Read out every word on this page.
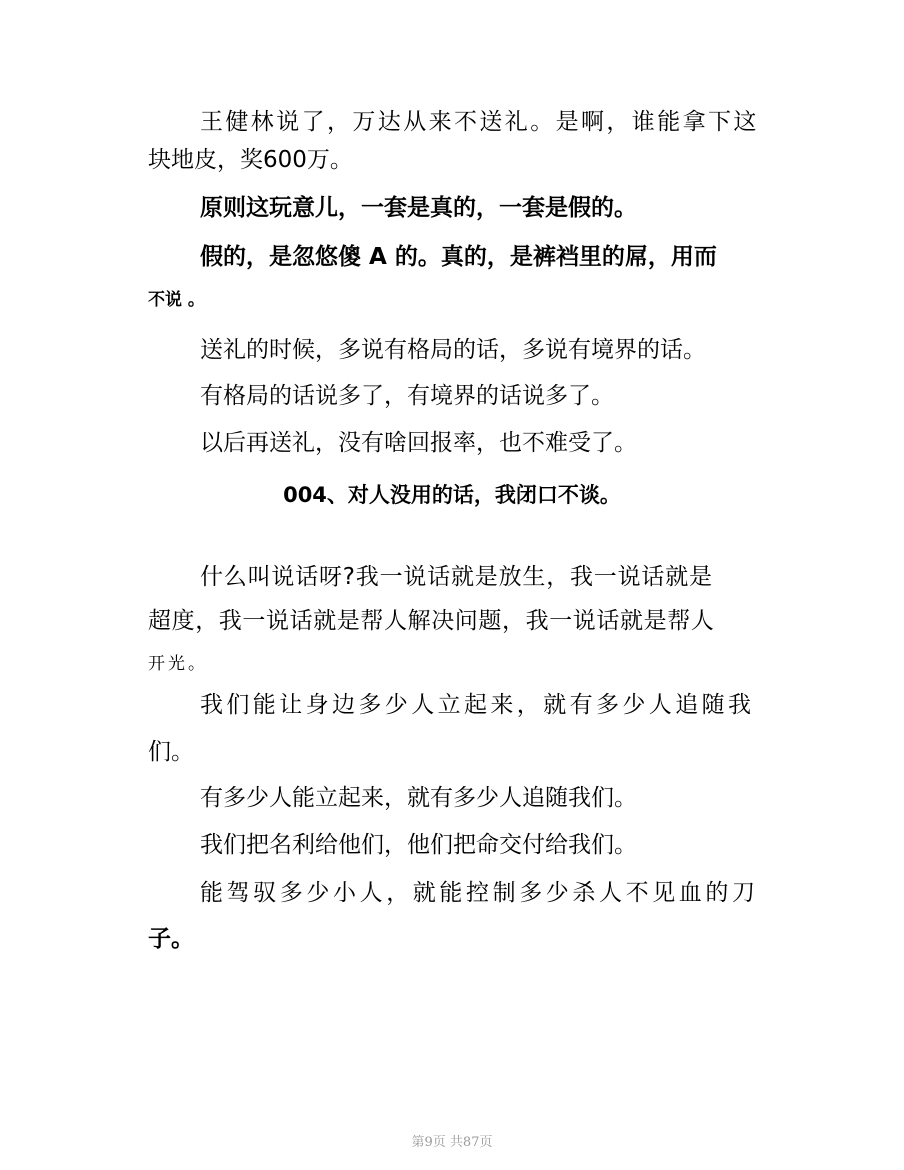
王健林说了，万达从来不送礼。是啊，谁能拿下这
块地皮，奖600万。
原则这玩意儿，一套是真的，一套是假的。
假的，是忽悠傻 A 的。真的，是裤裆里的屌，用而
不说 。
送礼的时候，多说有格局的话，多说有境界的话。
有格局的话说多了，有境界的话说多了。
以后再送礼，没有啥回报率，也不难受了。
004、对人没用的话，我闭口不谈。
什么叫说话呀?我一说话就是放生，我一说话就是
超度，我一说话就是帮人解决问题，我一说话就是帮人
开光。
我们能让身边多少人立起来，就有多少人追随我
们。
有多少人能立起来，就有多少人追随我们。
我们把名利给他们，他们把命交付给我们。
能驾驭多少小人，就能控制多少杀人不见血的刀
子。
第9页 共87页
